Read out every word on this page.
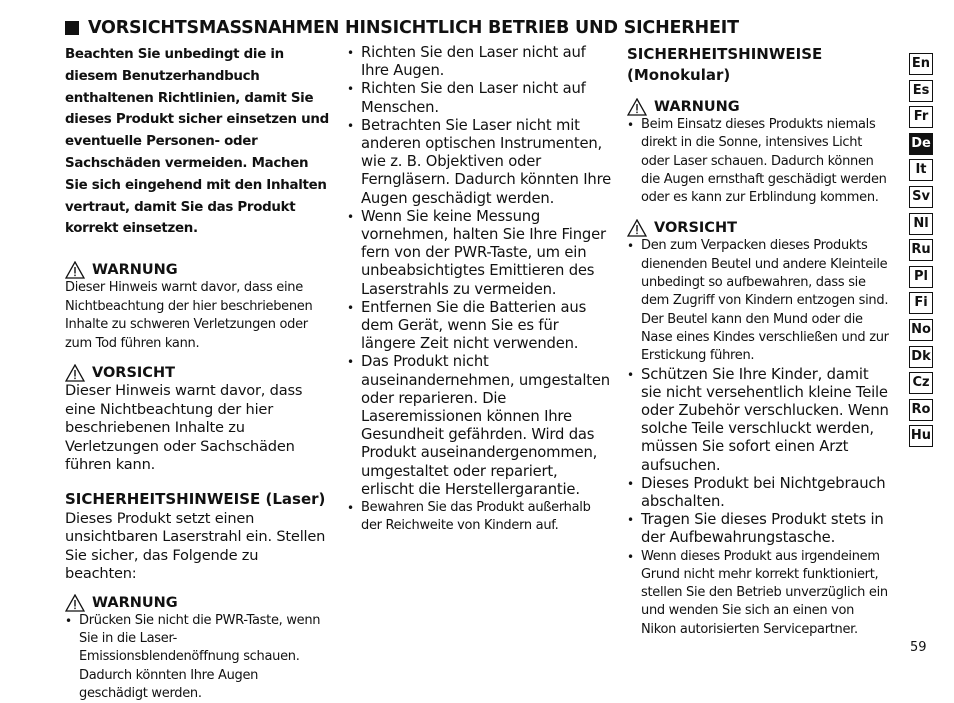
VORSICHTSMASSNAHMEN HINSICHTLICH BETRIEB UND SICHERHEIT

Beachten Sie unbedingt die in diesem Benutzerhandbuch enthaltenen Richtlinien, damit Sie dieses Produkt sicher einsetzen und eventuelle Personen- oder Sachschäden vermeiden. Machen Sie sich eingehend mit den Inhalten vertraut, damit Sie das Produkt korrekt einsetzen.

WARNUNG

Dieser Hinweis warnt davor, dass eine Nichtbeachtung der hier beschriebenen Inhalte zu schweren Verletzungen oder zum Tod führen kann.

VORSICHT

Dieser Hinweis warnt davor, dass eine Nichtbeachtung der hier beschriebenen Inhalte zu Verletzungen oder Sachschäden führen kann.

SICHERHEITSHINWEISE (Laser)

Dieses Produkt setzt einen unsichtbaren Laserstrahl ein. Stellen Sie sicher, das Folgende zu beachten:

WARNUNG
• Drücken Sie nicht die PWR-Taste, wenn Sie in die Laser-Emissionsblendenöffnung schauen. Dadurch könnten Ihre Augen geschädigt werden.
• Richten Sie den Laser nicht auf Ihre Augen.
• Richten Sie den Laser nicht auf Menschen.
• Betrachten Sie Laser nicht mit anderen optischen Instrumenten, wie z. B. Objektiven oder Ferngläsern. Dadurch könnten Ihre Augen geschädigt werden.
• Wenn Sie keine Messung vornehmen, halten Sie Ihre Finger fern von der PWR-Taste, um ein unbeabsichtigtes Emittieren des Laserstrahls zu vermeiden.
• Entfernen Sie die Batterien aus dem Gerät, wenn Sie es für längere Zeit nicht verwenden.
• Das Produkt nicht auseinandernehmen, umgestalten oder reparieren. Die Laseremissionen können Ihre Gesundheit gefährden. Wird das Produkt auseinandergenommen, umgestaltet oder repariert, erlischt die Herstellergarantie.
• Bewahren Sie das Produkt außerhalb der Reichweite von Kindern auf.

SICHERHEITSHINWEISE
(Monokular)

WARNUNG
• Beim Einsatz dieses Produkts niemals direkt in die Sonne, intensives Licht oder Laser schauen. Dadurch können die Augen ernsthaft geschädigt werden oder es kann zur Erblindung kommen.
VORSICHT
• Den zum Verpacken dieses Produkts dienenden Beutel und andere Kleinteile unbedingt so aufbewahren, dass sie dem Zugriff von Kindern entzogen sind. Der Beutel kann den Mund oder die Nase eines Kindes verschließen und zur Erstickung führen.
• Schützen Sie Ihre Kinder, damit sie nicht versehentlich kleine Teile oder Zubehör verschlucken. Wenn solche Teile verschluckt werden, müssen Sie sofort einen Arzt aufsuchen.
• Dieses Produkt bei Nichtgebrauch abschalten.
• Tragen Sie dieses Produkt stets in der Aufbewahrungstasche.
• Wenn dieses Produkt aus irgendeinem Grund nicht mehr korrekt funktioniert, stellen Sie den Betrieb unverzüglich ein und wenden Sie sich an einen von Nikon autorisierten Servicepartner.
En
Es
Fr
De
It
Sv
Nl
Ru
Pl
Fi
No
Dk
Cz
Ro
Hu
59
